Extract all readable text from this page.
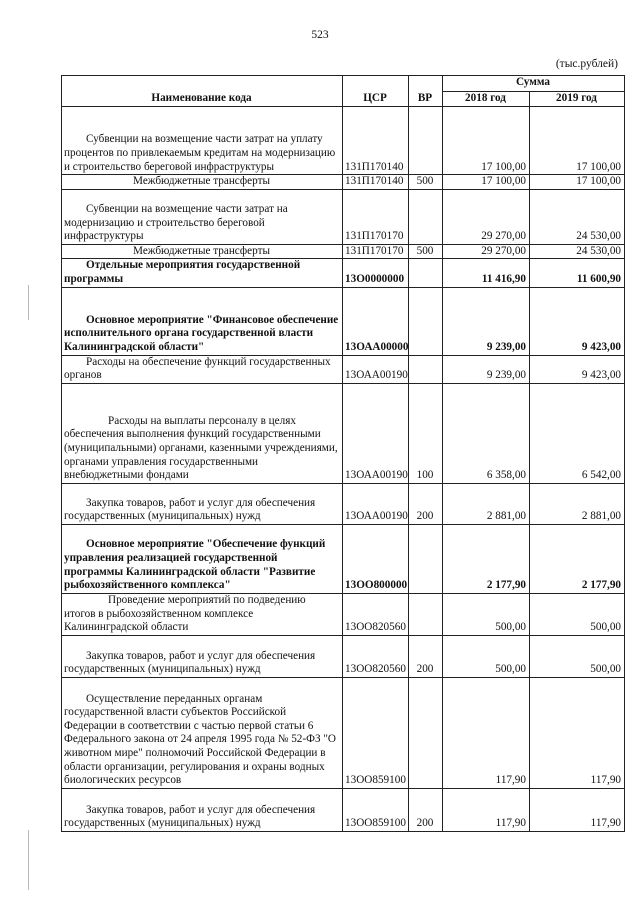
523
(тыс.рублей)
Наименование кода	ЦСР	ВР	Сумма	
			2018 год	2019 год
Субвенции на возмещение части затрат на уплату процентов по привлекаемым кредитам на модернизацию и строительство береговой инфраструктуры	131П170140		17 100,00	17 100,00
Межбюджетные трансферты	131П170140	500	17 100,00	17 100,00
Субвенции на возмещение части затрат на модернизацию и строительство береговой инфраструктуры	131П170170		29 270,00	24 530,00
Межбюджетные трансферты	131П170170	500	29 270,00	24 530,00
Отдельные мероприятия государственной программы	13О0000000		11 416,90	11 600,90
Основное мероприятие "Финансовое обеспечение исполнительного органа государственной власти Калининградской области"	13ОАА00000		9 239,00	9 423,00
Расходы на обеспечение функций государственных органов	13ОАА00190		9 239,00	9 423,00
Расходы на выплаты персоналу в целях обеспечения выполнения функций государственными (муниципальными) органами, казенными учреждениями, органами управления государственными внебюджетными фондами	13ОАА00190	100	6 358,00	6 542,00
Закупка товаров, работ и услуг для обеспечения государственных (муниципальных) нужд	13ОАА00190	200	2 881,00	2 881,00
Основное мероприятие "Обеспечение функций управления реализацией государственной программы Калининградской области "Развитие рыбохозяйственного комплекса"	13ОО800000		2 177,90	2 177,90
Проведение мероприятий по подведению итогов в рыбохозяйственном комплексе Калининградской области	13ОО820560		500,00	500,00
Закупка товаров, работ и услуг для обеспечения государственных (муниципальных) нужд	13ОО820560	200	500,00	500,00
Осуществление переданных органам государственной власти субъектов Российской Федерации в соответствии с частью первой статьи 6 Федерального закона от 24 апреля 1995 года № 52-ФЗ "О животном мире" полномочий Российской Федерации в области организации, регулирования и охраны водных биологических ресурсов	13ОО859100		117,90	117,90
Закупка товаров, работ и услуг для обеспечения государственных (муниципальных) нужд	13ОО859100	200	117,90	117,90
